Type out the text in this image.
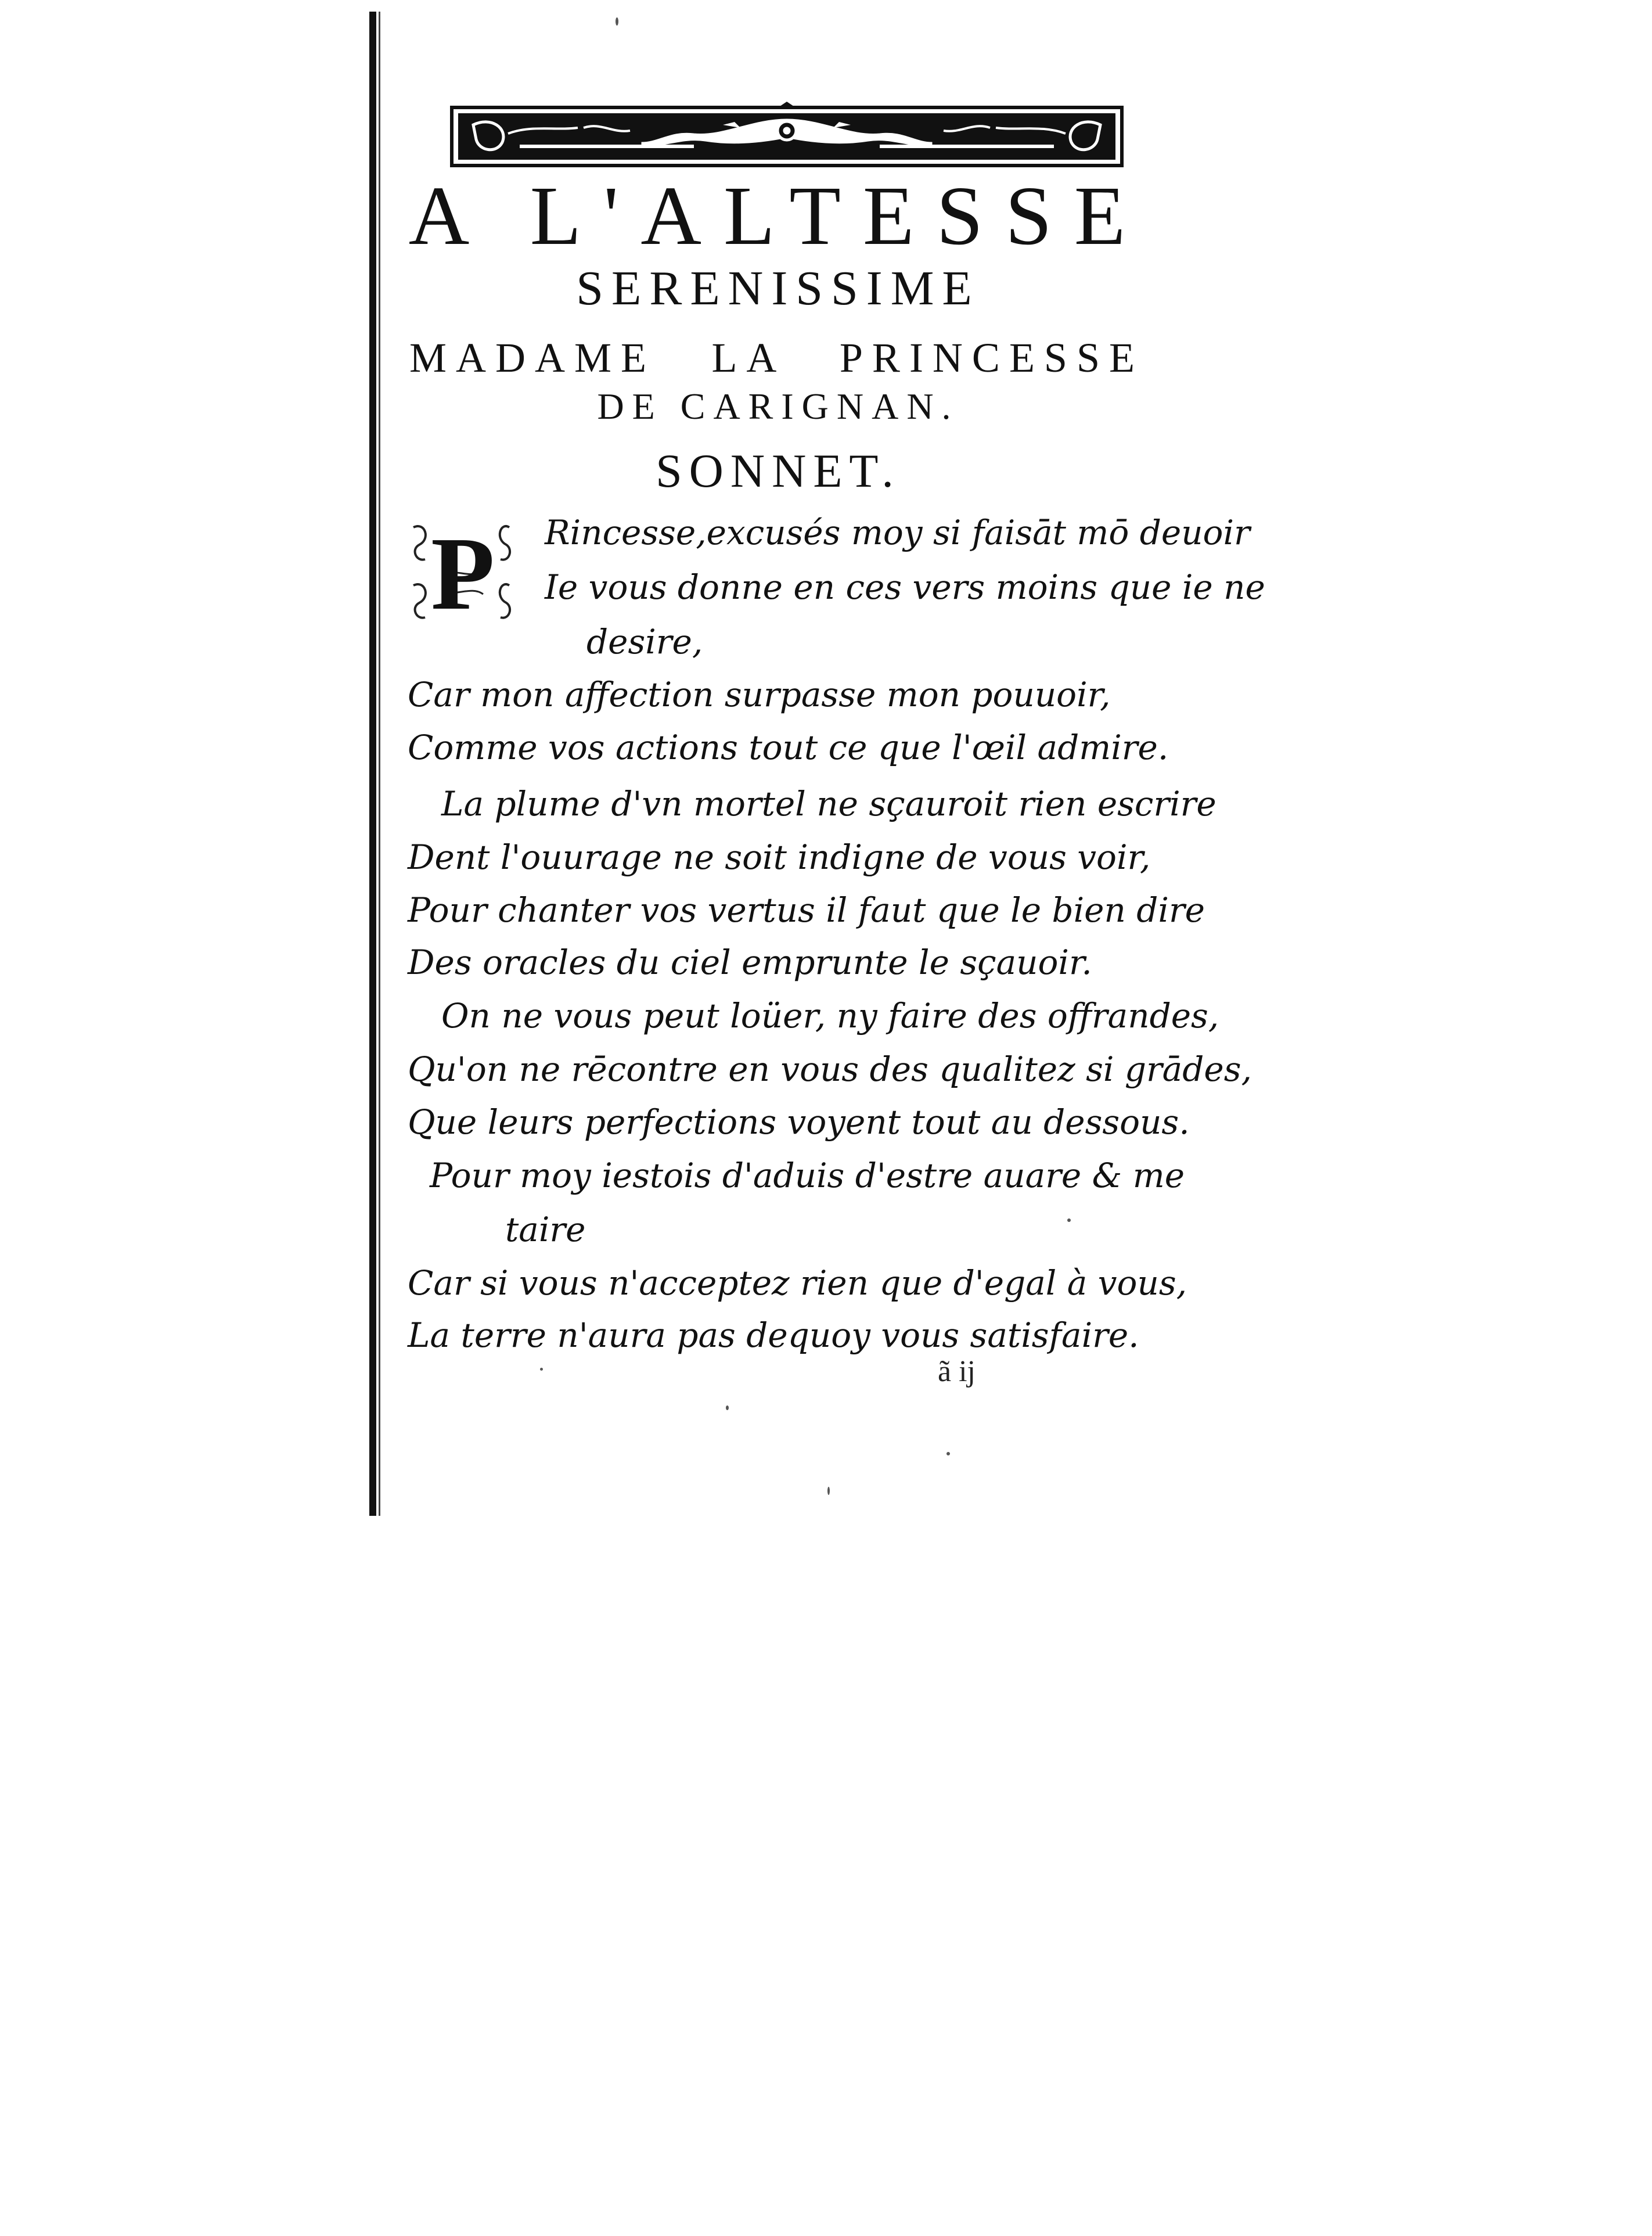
A L'ALTESSE
SERENISSIME
MADAME LA PRINCESSE
DE CARIGNAN.
SONNET.
P Rincesse,excusés moy si faisāt mō deuoir
Ie vous donne en ces vers moins que ie ne
desire,
Car mon affection surpasse mon pouuoir,
Comme vos actions tout ce que l'œil admire.
La plume d'vn mortel ne sçauroit rien escrire
Dent l'ouurage ne soit indigne de vous voir,
Pour chanter vos vertus il faut que le bien dire
Des oracles du ciel emprunte le sçauoir.
On ne vous peut loüer, ny faire des offrandes,
Qu'on ne rēcontre en vous des qualitez si grādes,
Que leurs perfections voyent tout au dessous.
Pour moy iestois d'aduis d'estre auare & me
taire
Car si vous n'acceptez rien que d'egal à vous,
La terre n'aura pas dequoy vous satisfaire.
ã ij
